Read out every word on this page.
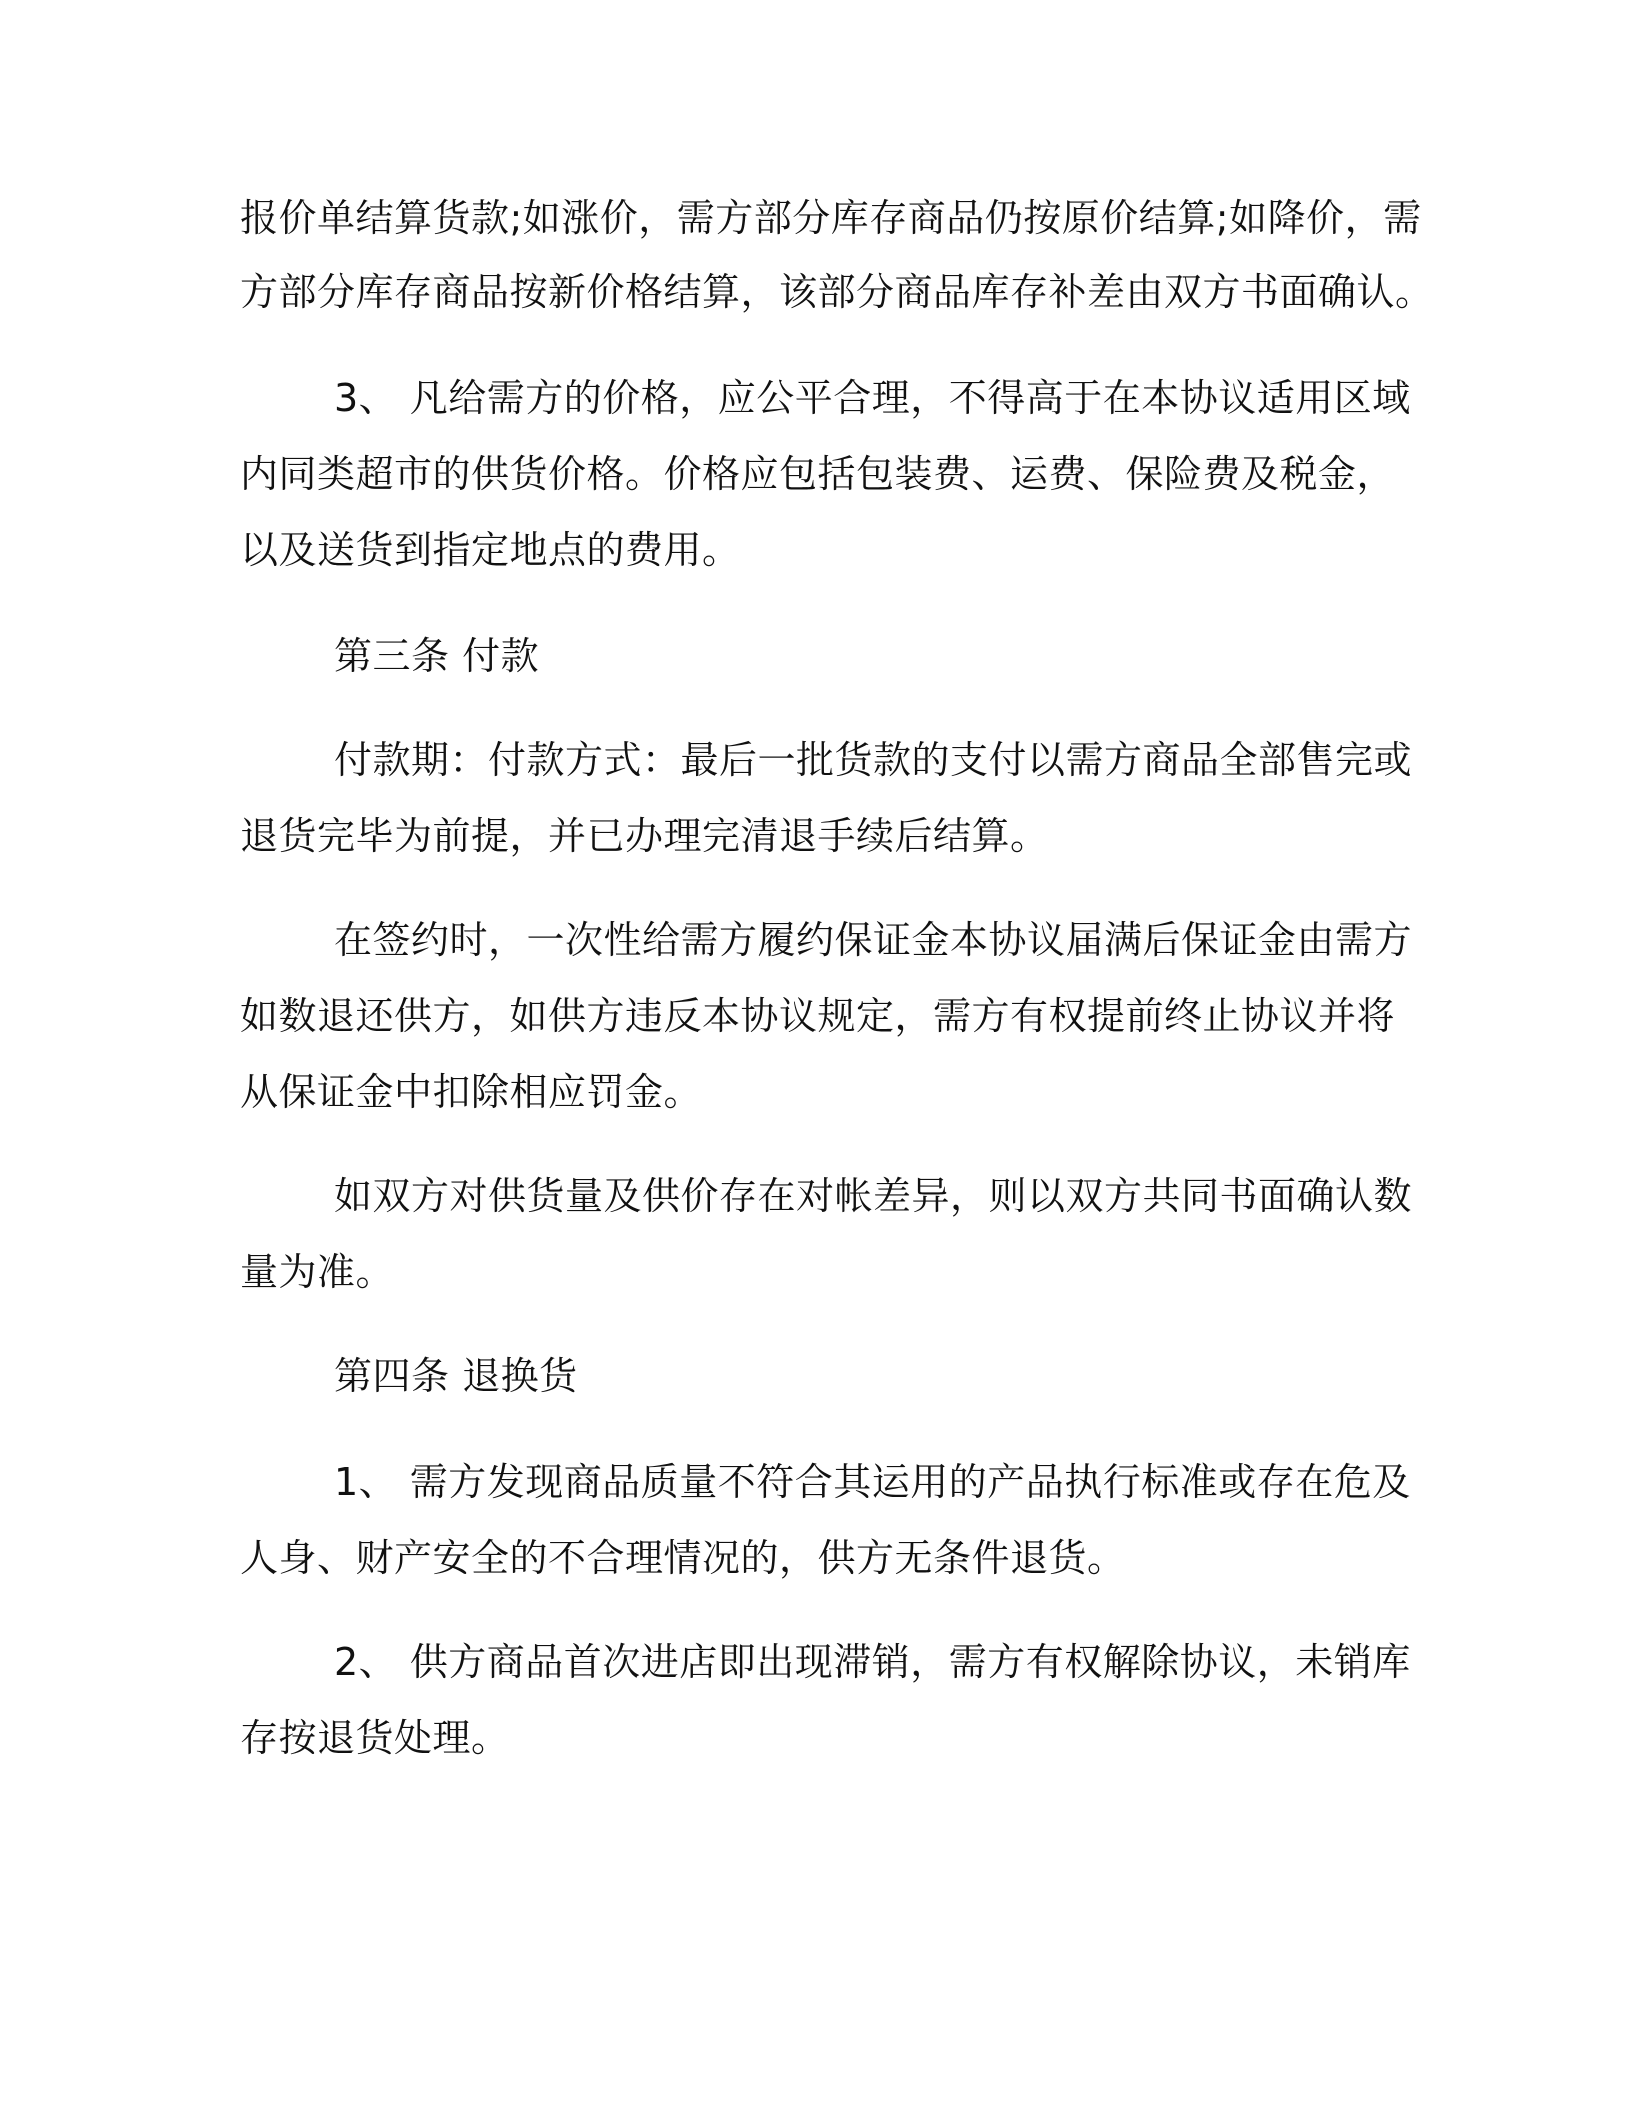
报价单结算货款;如涨价，需方部分库存商品仍按原价结算;如降价，需
方部分库存商品按新价格结算，该部分商品库存补差由双方书面确认。
3、 凡给需方的价格，应公平合理，不得高于在本协议适用区域
内同类超市的供货价格。价格应包括包装费、运费、保险费及税金，
以及送货到指定地点的费用。
第三条 付款
付款期：付款方式：最后一批货款的支付以需方商品全部售完或
退货完毕为前提，并已办理完清退手续后结算。
在签约时，一次性给需方履约保证金本协议届满后保证金由需方
如数退还供方，如供方违反本协议规定，需方有权提前终止协议并将
从保证金中扣除相应罚金。
如双方对供货量及供价存在对帐差异，则以双方共同书面确认数
量为准。
第四条 退换货
1、 需方发现商品质量不符合其运用的产品执行标准或存在危及
人身、财产安全的不合理情况的，供方无条件退货。
2、 供方商品首次进店即出现滞销，需方有权解除协议，未销库
存按退货处理。
